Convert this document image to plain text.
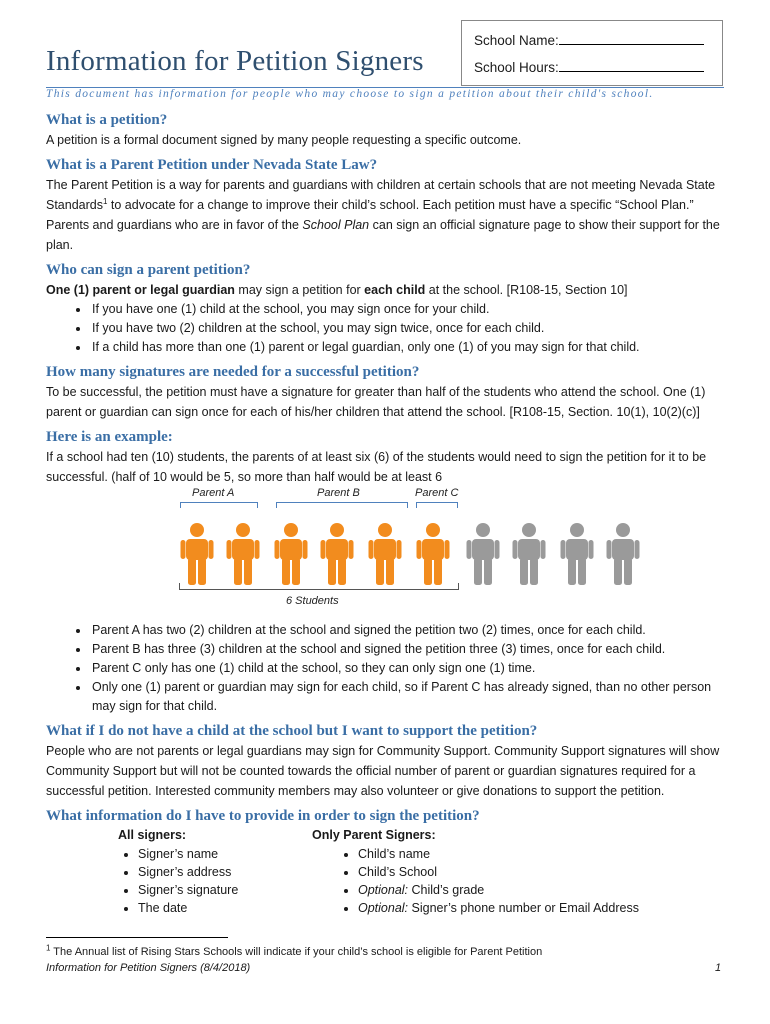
School Name:
School Hours:
Information for Petition Signers
This document has information for people who may choose to sign a petition about their child's school.
What is a petition?

A petition is a formal document signed by many people requesting a specific outcome.

What is a Parent Petition under Nevada State Law?

The Parent Petition is a way for parents and guardians with children at certain schools that are not meeting Nevada State Standards$^1$ to advocate for a change to improve their child’s school. Each petition must have a specific “School Plan.” Parents and guardians who are in favor of the School Plan can sign an official signature page to show their support for the plan.

Who can sign a parent petition?

One (1) parent or legal guardian may sign a petition for each child at the school. [R108-15, Section 10]

• If you have one (1) child at the school, you may sign once for your child.
• If you have two (2) children at the school, you may sign twice, once for each child.
• If a child has more than one (1) parent or legal guardian, only one (1) of you may sign for that child.
How many signatures are needed for a successful petition?

To be successful, the petition must have a signature for greater than half of the students who attend the school. One (1) parent or guardian can sign once for each of his/her children that attend the school. [R108-15, Section. 10(1), 10(2)(c)]

Here is an example:

If a school had ten (10) students, the parents of at least six (6) of the students would need to sign the petition for it to be successful. (half of 10 would be 5, so more than half would be at least 6

Parent A	Parent B	Parent C
6 Students
• Parent A has two (2) children at the school and signed the petition two (2) times, once for each child.
• Parent B has three (3) children at the school and signed the petition three (3) times, once for each child.
• Parent C only has one (1) child at the school, so they can only sign one (1) time.
• Only one (1) parent or guardian may sign for each child, so if Parent C has already signed, than no other person may sign for that child.
What if I do not have a child at the school but I want to support the petition?

People who are not parents or legal guardians may sign for Community Support. Community Support signatures will show Community Support but will not be counted towards the official number of parent or guardian signatures required for a successful petition. Interested community members may also volunteer or give donations to support the petition.

What information do I have to provide in order to sign the petition?
All signers:
• Signer’s name
• Signer’s address
• Signer’s signature
• The date
Only Parent Signers:
• Child’s name
• Child’s School
• Optional: Child’s grade
• Optional: Signer’s phone number or Email Address
$^1$ The Annual list of Rising Stars Schools will indicate if your child’s school is eligible for Parent Petition
Information for Petition Signers (8/4/2018)	1
